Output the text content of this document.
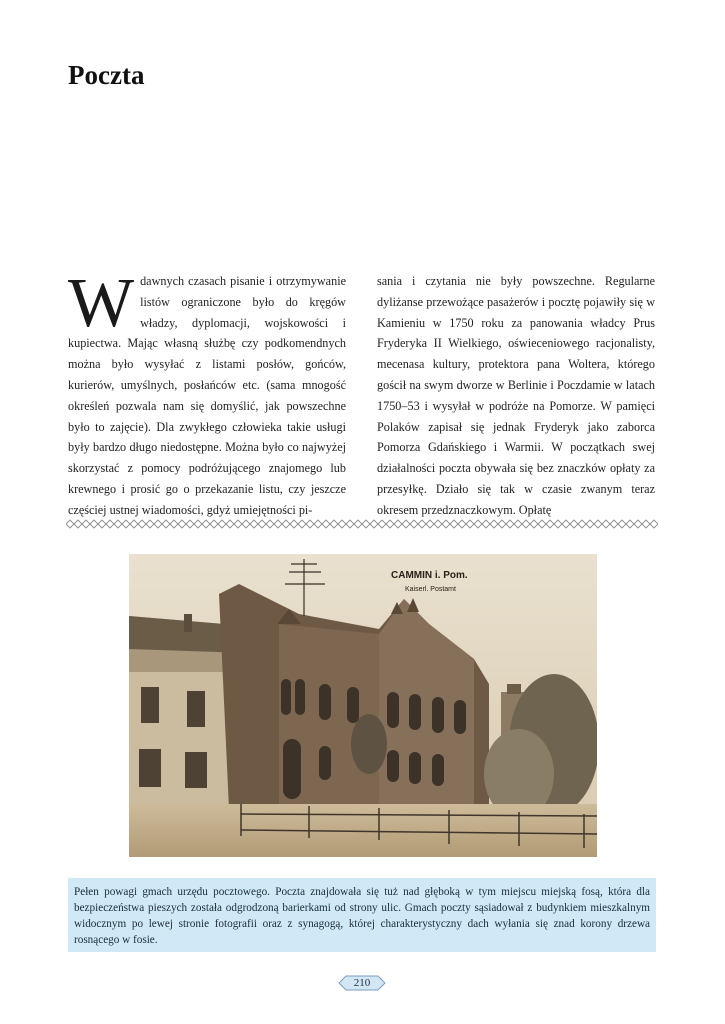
Poczta

W dawnych czasach pisanie i otrzymywanie listów ograniczone było do kręgów władzy, dyplomacji, wojskowości i kupiectwa. Mając własną służbę czy podkomendnych można było wysyłać z listami posłów, gońców, kurierów, umyślnych, posłańców etc. (sama mnogość określeń pozwala nam się domyślić, jak powszechne było to zajęcie). Dla zwykłego człowieka takie usługi były bardzo długo niedostępne. Można było co najwyżej skorzystać z pomocy podróżującego znajomego lub krewnego i prosić go o przekazanie listu, czy jeszcze częściej ustnej wiadomości, gdyż umiejętności pi-

sania i czytania nie były powszechne. Regularne dyliżanse przewożące pasażerów i pocztę pojawiły się w Kamieniu w 1750 roku za panowania władcy Prus Fryderyka II Wielkiego, oświeceniowego racjonalisty, mecenasa kultury, protektora pana Woltera, którego gościł na swym dworze w Berlinie i Poczdamie w latach 1750–53 i wysyłał w podróże na Pomorze. W pamięci Polaków zapisał się jednak Fryderyk jako zaborca Pomorza Gdańskiego i Warmii. W początkach swej działalności poczta obywała się bez znaczków opłaty za przesyłkę. Działo się tak w czasie zwanym teraz okresem przedznaczkowym. Opłatę

CAMMIN i. Pom.
Kaiserl. Postamt

Pełen powagi gmach urzędu pocztowego. Poczta znajdowała się tuż nad głęboką w tym miejscu miejską fosą, która dla bezpieczeństwa pieszych została odgrodzoną barierkami od strony ulic. Gmach poczty sąsiadował z budynkiem mieszkalnym widocznym po lewej stronie fotografii oraz z synagogą, której charakterystyczny dach wyłania się znad korony drzewa rosnącego w fosie.

210
